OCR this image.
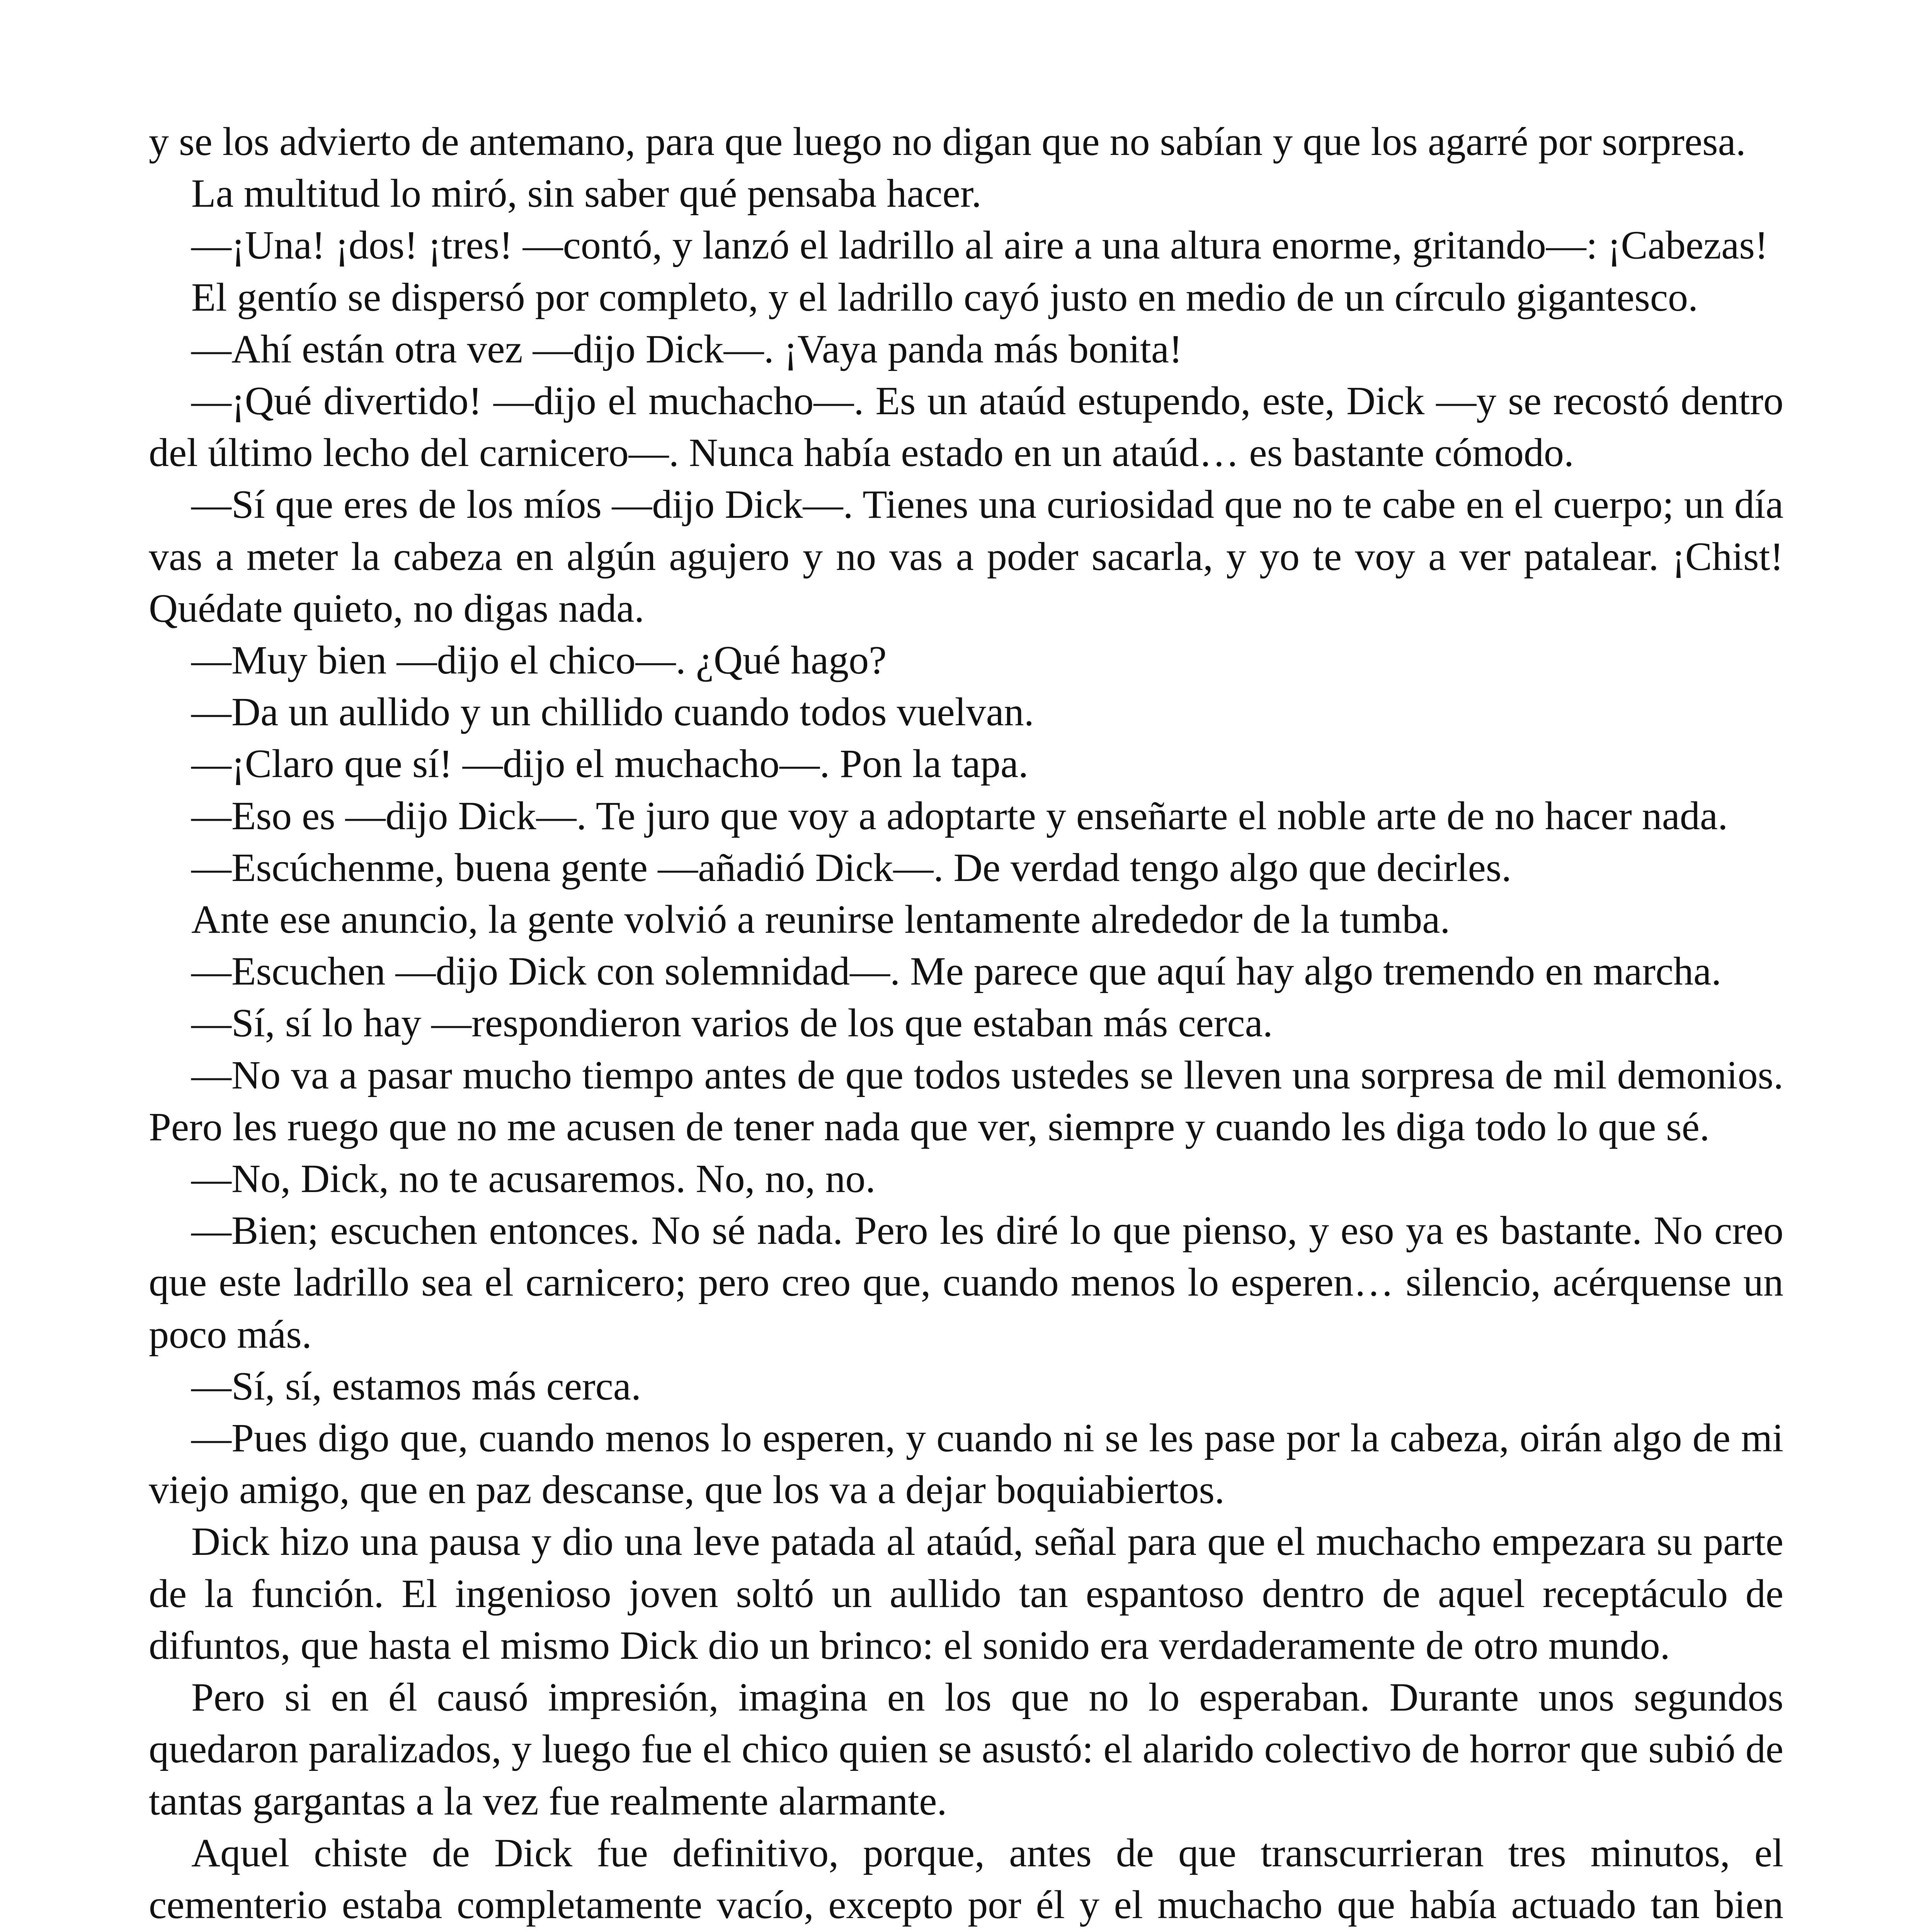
y se los advierto de antemano, para que luego no digan que no sabían y que los agarré por sorpresa.

La multitud lo miró, sin saber qué pensaba hacer.

—¡Una! ¡dos! ¡tres! —contó, y lanzó el ladrillo al aire a una altura enorme, gritando—: ¡Cabezas!

El gentío se dispersó por completo, y el ladrillo cayó justo en medio de un círculo gigantesco.

—Ahí están otra vez —dijo Dick—. ¡Vaya panda más bonita!

—¡Qué divertido! —dijo el muchacho—. Es un ataúd estupendo, este, Dick —y se recostó dentro del último lecho del carnicero—. Nunca había estado en un ataúd… es bastante cómodo.

—Sí que eres de los míos —dijo Dick—. Tienes una curiosidad que no te cabe en el cuerpo; un día vas a meter la cabeza en algún agujero y no vas a poder sacarla, y yo te voy a ver patalear. ¡Chist! Quédate quieto, no digas nada.

—Muy bien —dijo el chico—. ¿Qué hago?

—Da un aullido y un chillido cuando todos vuelvan.

—¡Claro que sí! —dijo el muchacho—. Pon la tapa.

—Eso es —dijo Dick—. Te juro que voy a adoptarte y enseñarte el noble arte de no hacer nada.

—Escúchenme, buena gente —añadió Dick—. De verdad tengo algo que decirles.

Ante ese anuncio, la gente volvió a reunirse lentamente alrededor de la tumba.

—Escuchen —dijo Dick con solemnidad—. Me parece que aquí hay algo tremendo en marcha.

—Sí, sí lo hay —respondieron varios de los que estaban más cerca.

—No va a pasar mucho tiempo antes de que todos ustedes se lleven una sorpresa de mil demonios. Pero les ruego que no me acusen de tener nada que ver, siempre y cuando les diga todo lo que sé.

—No, Dick, no te acusaremos. No, no, no.

—Bien; escuchen entonces. No sé nada. Pero les diré lo que pienso, y eso ya es bastante. No creo que este ladrillo sea el carnicero; pero creo que, cuando menos lo esperen… silencio, acérquense un poco más.

—Sí, sí, estamos más cerca.

—Pues digo que, cuando menos lo esperen, y cuando ni se les pase por la cabeza, oirán algo de mi viejo amigo, que en paz descanse, que los va a dejar boquiabiertos.

Dick hizo una pausa y dio una leve patada al ataúd, señal para que el muchacho empezara su parte de la función. El ingenioso joven soltó un aullido tan espantoso dentro de aquel receptáculo de difuntos, que hasta el mismo Dick dio un brinco: el sonido era verdaderamente de otro mundo.

Pero si en él causó impresión, imagina en los que no lo esperaban. Durante unos segundos quedaron paralizados, y luego fue el chico quien se asustó: el alarido colectivo de horror que subió de tantas gargantas a la vez fue realmente alarmante.

Aquel chiste de Dick fue definitivo, porque, antes de que transcurrieran tres minutos, el cementerio estaba completamente vacío, excepto por él y el muchacho que había actuado tan bien
